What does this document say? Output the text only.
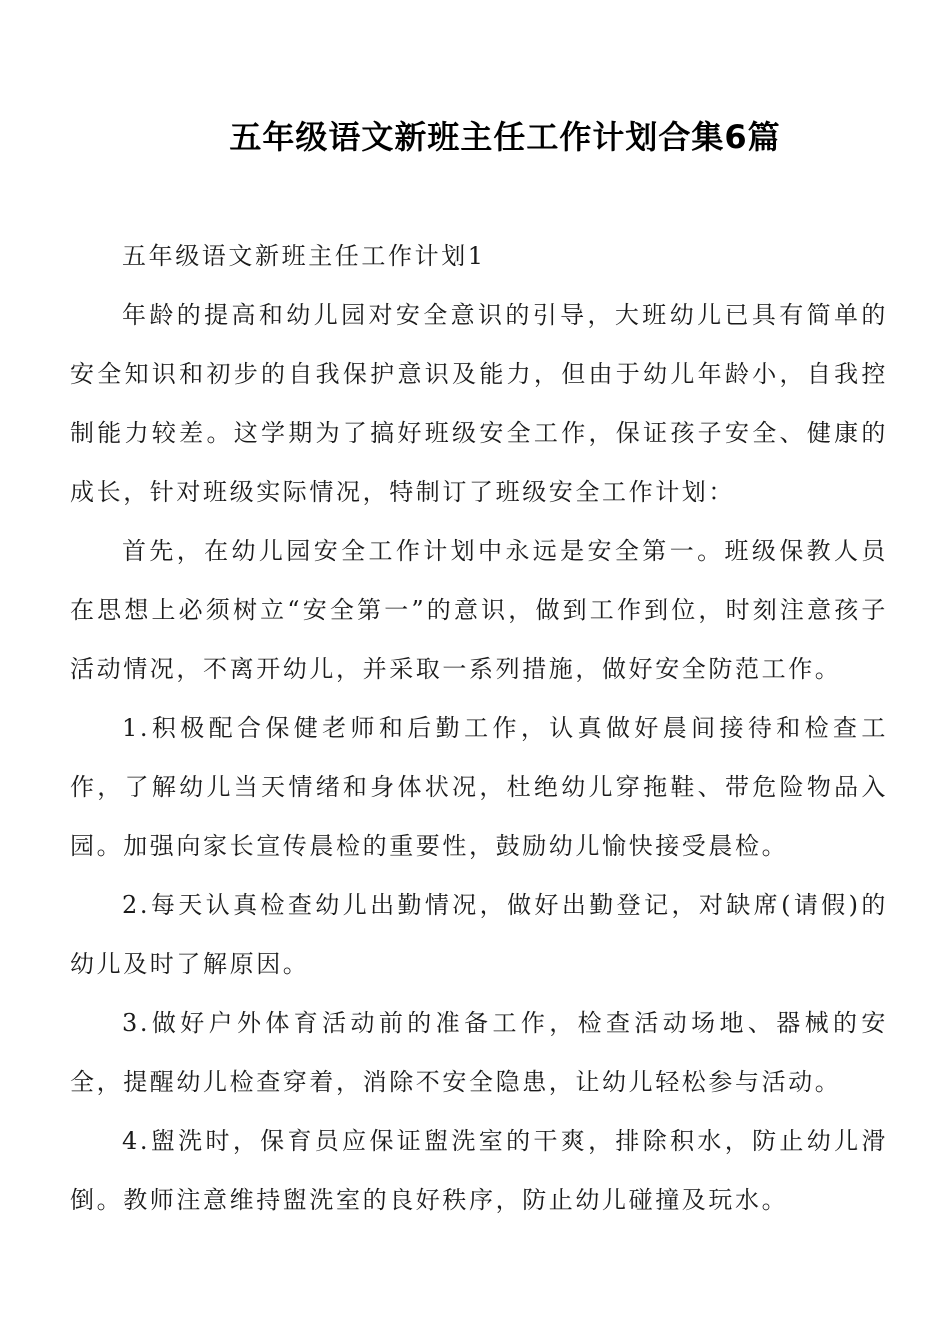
五年级语文新班主任工作计划合集6篇

五年级语文新班主任工作计划1

年龄的提高和幼儿园对安全意识的引导，大班幼儿已具有简单的安全知识和初步的自我保护意识及能力，但由于幼儿年龄小，自我控制能力较差。这学期为了搞好班级安全工作，保证孩子安全、健康的成长，针对班级实际情况，特制订了班级安全工作计划：

首先，在幼儿园安全工作计划中永远是安全第一。班级保教人员在思想上必须树立“安全第一”的意识，做到工作到位，时刻注意孩子活动情况，不离开幼儿，并采取一系列措施，做好安全防范工作。

1.积极配合保健老师和后勤工作，认真做好晨间接待和检查工作，了解幼儿当天情绪和身体状况，杜绝幼儿穿拖鞋、带危险物品入园。加强向家长宣传晨检的重要性，鼓励幼儿愉快接受晨检。

2.每天认真检查幼儿出勤情况，做好出勤登记，对缺席(请假)的幼儿及时了解原因。

3.做好户外体育活动前的准备工作，检查活动场地、器械的安全，提醒幼儿检查穿着，消除不安全隐患，让幼儿轻松参与活动。

4.盥洗时，保育员应保证盥洗室的干爽，排除积水，防止幼儿滑倒。教师注意维持盥洗室的良好秩序，防止幼儿碰撞及玩水。
